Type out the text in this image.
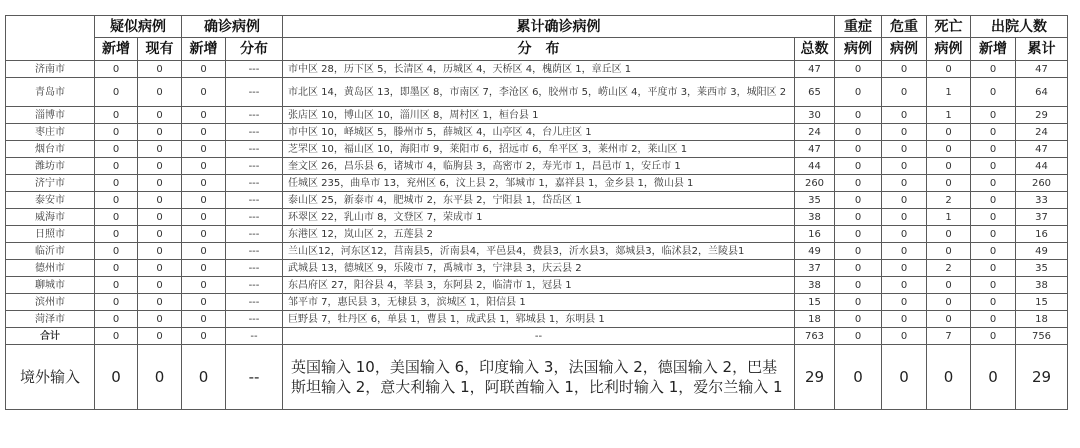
	疑似病例		确诊病例		累计确诊病例		重症	危重	死亡	出院人数	
	新增	现有	新增	分布	分　布	总数	病例	病例	病例	新增	累计
济南市	0	0	0	---	市中区 28，历下区 5，长清区 4，历城区 4，天桥区 4，槐荫区 1，章丘区 1	47	0	0	0	0	47
青岛市	0	0	0	---	市北区 14，黄岛区 13，即墨区 8，市南区 7，李沧区 6，胶州市 5，崂山区 4，平度市 3，莱西市 3，城阳区 2	65	0	0	1	0	64
淄博市	0	0	0	---	张店区 10，博山区 10，淄川区 8，周村区 1，桓台县 1	30	0	0	1	0	29
枣庄市	0	0	0	---	市中区 10，峄城区 5，滕州市 5，薛城区 4，山亭区 4，台儿庄区 1	24	0	0	0	0	24
烟台市	0	0	0	---	芝罘区 10，福山区 10，海阳市 9，莱阳市 6，招远市 6，牟平区 3，莱州市 2，莱山区 1	47	0	0	0	0	47
潍坊市	0	0	0	---	奎文区 26，昌乐县 6，诸城市 4，临朐县 3，高密市 2，寿光市 1，昌邑市 1，安丘市 1	44	0	0	0	0	44
济宁市	0	0	0	---	任城区 235，曲阜市 13，兖州区 6，汶上县 2，邹城市 1，嘉祥县 1，金乡县 1，微山县 1	260	0	0	0	0	260
泰安市	0	0	0	---	泰山区 25，新泰市 4，肥城市 2，东平县 2，宁阳县 1，岱岳区 1	35	0	0	2	0	33
威海市	0	0	0	---	环翠区 22，乳山市 8，文登区 7，荣成市 1	38	0	0	1	0	37
日照市	0	0	0	---	东港区 12，岚山区 2，五莲县 2	16	0	0	0	0	16
临沂市	0	0	0	---	兰山区12，河东区12，莒南县5，沂南县4，平邑县4，费县3，沂水县3，郯城县3，临沭县2，兰陵县1	49	0	0	0	0	49
德州市	0	0	0	---	武城县 13，德城区 9，乐陵市 7，禹城市 3，宁津县 3，庆云县 2	37	0	0	2	0	35
聊城市	0	0	0	---	东昌府区 27，阳谷县 4，莘县 3，东阿县 2，临清市 1，冠县 1	38	0	0	0	0	38
滨州市	0	0	0	---	邹平市 7，惠民县 3，无棣县 3，滨城区 1，阳信县 1	15	0	0	0	0	15
菏泽市	0	0	0	---	巨野县 7，牡丹区 6，单县 1，曹县 1，成武县 1，郓城县 1，东明县 1	18	0	0	0	0	18
合计	0	0	0	--	--	763	0	0	7	0	756
境外输入	0	0	0	--	英国输入 10，美国输入 6，印度输入 3，法国输入 2，德国输入 2，巴基斯坦输入 2，意大利输入 1，阿联酋输入 1，比利时输入 1，爱尔兰输入 1	29	0	0	0	0	29
